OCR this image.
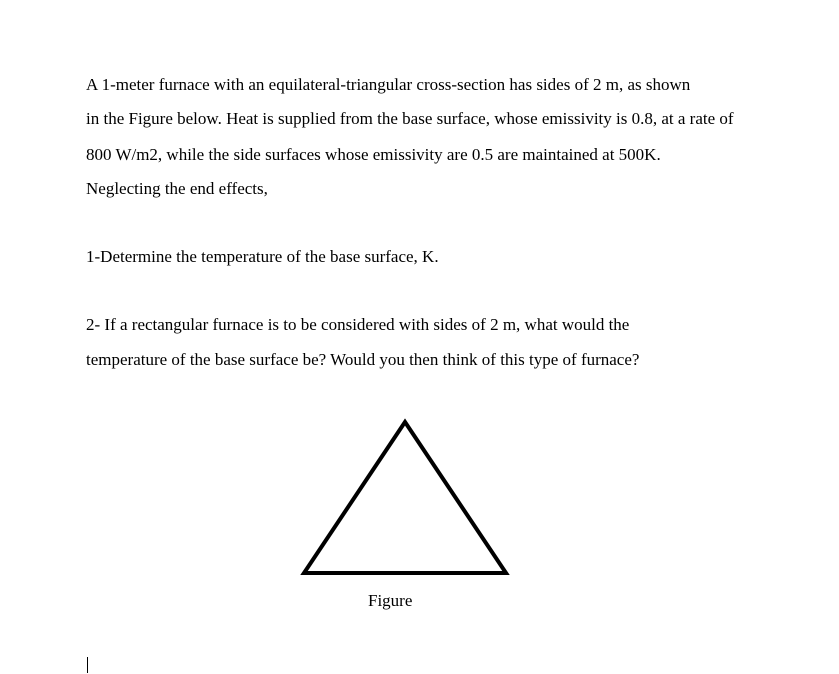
A 1-meter furnace with an equilateral-triangular cross-section has sides of 2 m, as shown
in the Figure below. Heat is supplied from the base surface, whose emissivity is 0.8, at a rate of
800 W/m2, while the side surfaces whose emissivity are 0.5 are maintained at 500K.
Neglecting the end effects,
1-Determine the temperature of the base surface, K.
2- If a rectangular furnace is to be considered with sides of 2 m, what would the
temperature of the base surface be? Would you then think of this type of furnace?
Figure
